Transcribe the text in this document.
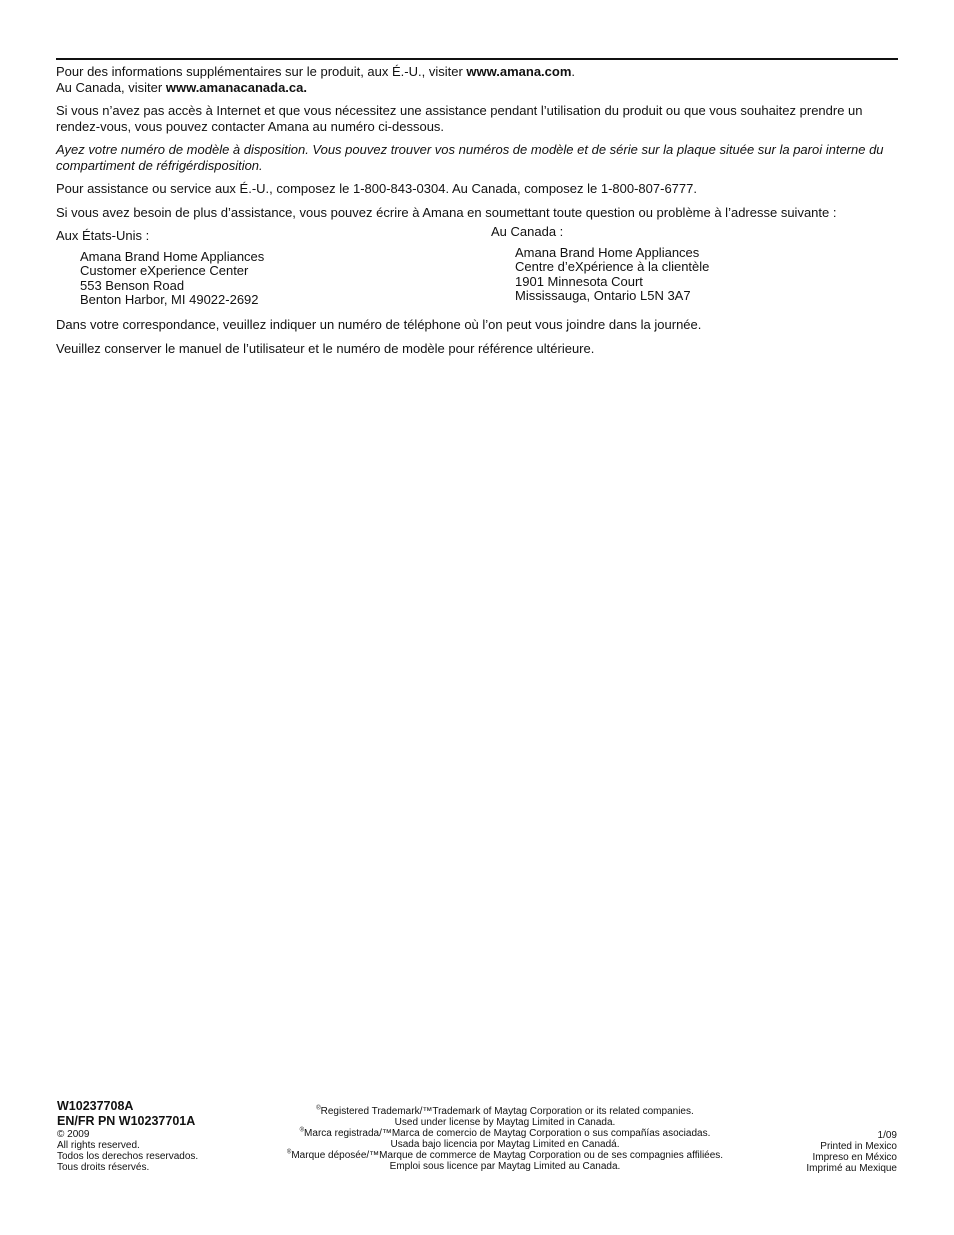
Pour des informations supplémentaires sur le produit, aux É.-U., visiter www.amana.com.
Au Canada, visiter www.amanacanada.ca.

Si vous n’avez pas accès à Internet et que vous nécessitez une assistance pendant l’utilisation du produit ou que vous souhaitez prendre un rendez-vous, vous pouvez contacter Amana au numéro ci-dessous.

Ayez votre numéro de modèle à disposition. Vous pouvez trouver vos numéros de modèle et de série sur la plaque située sur la paroi interne du compartiment de réfrigérdisposition.

Pour assistance ou service aux É.-U., composez le 1-800-843-0304. Au Canada, composez le 1-800-807-6777.

Si vous avez besoin de plus d’assistance, vous pouvez écrire à Amana en soumettant toute question ou problème à l’adresse suivante :

Aux États-Unis :
Amana Brand Home Appliances
Customer eXperience Center
553 Benson Road
Benton Harbor, MI 49022-2692
Au Canada :
Amana Brand Home Appliances
Centre d’eXpérience à la clientèle
1901 Minnesota Court
Mississauga, Ontario L5N 3A7

Dans votre correspondance, veuillez indiquer un numéro de téléphone où l’on peut vous joindre dans la journée.

Veuillez conserver le manuel de l’utilisateur et le numéro de modèle pour référence ultérieure.

W10237708A
EN/FR PN W10237701A
© 2009
All rights reserved.
Todos los derechos reservados.
Tous droits réservés.
®Registered Trademark/™Trademark of Maytag Corporation or its related companies.
Used under license by Maytag Limited in Canada.
®Marca registrada/™Marca de comercio de Maytag Corporation o sus compañías asociadas.
Usada bajo licencia por Maytag Limited en Canadá.
®Marque déposée/™Marque de commerce de Maytag Corporation ou de ses compagnies affiliées.
Emploi sous licence par Maytag Limited au Canada.
1/09
Printed in Mexico
Impreso en México
Imprimé au Mexique
